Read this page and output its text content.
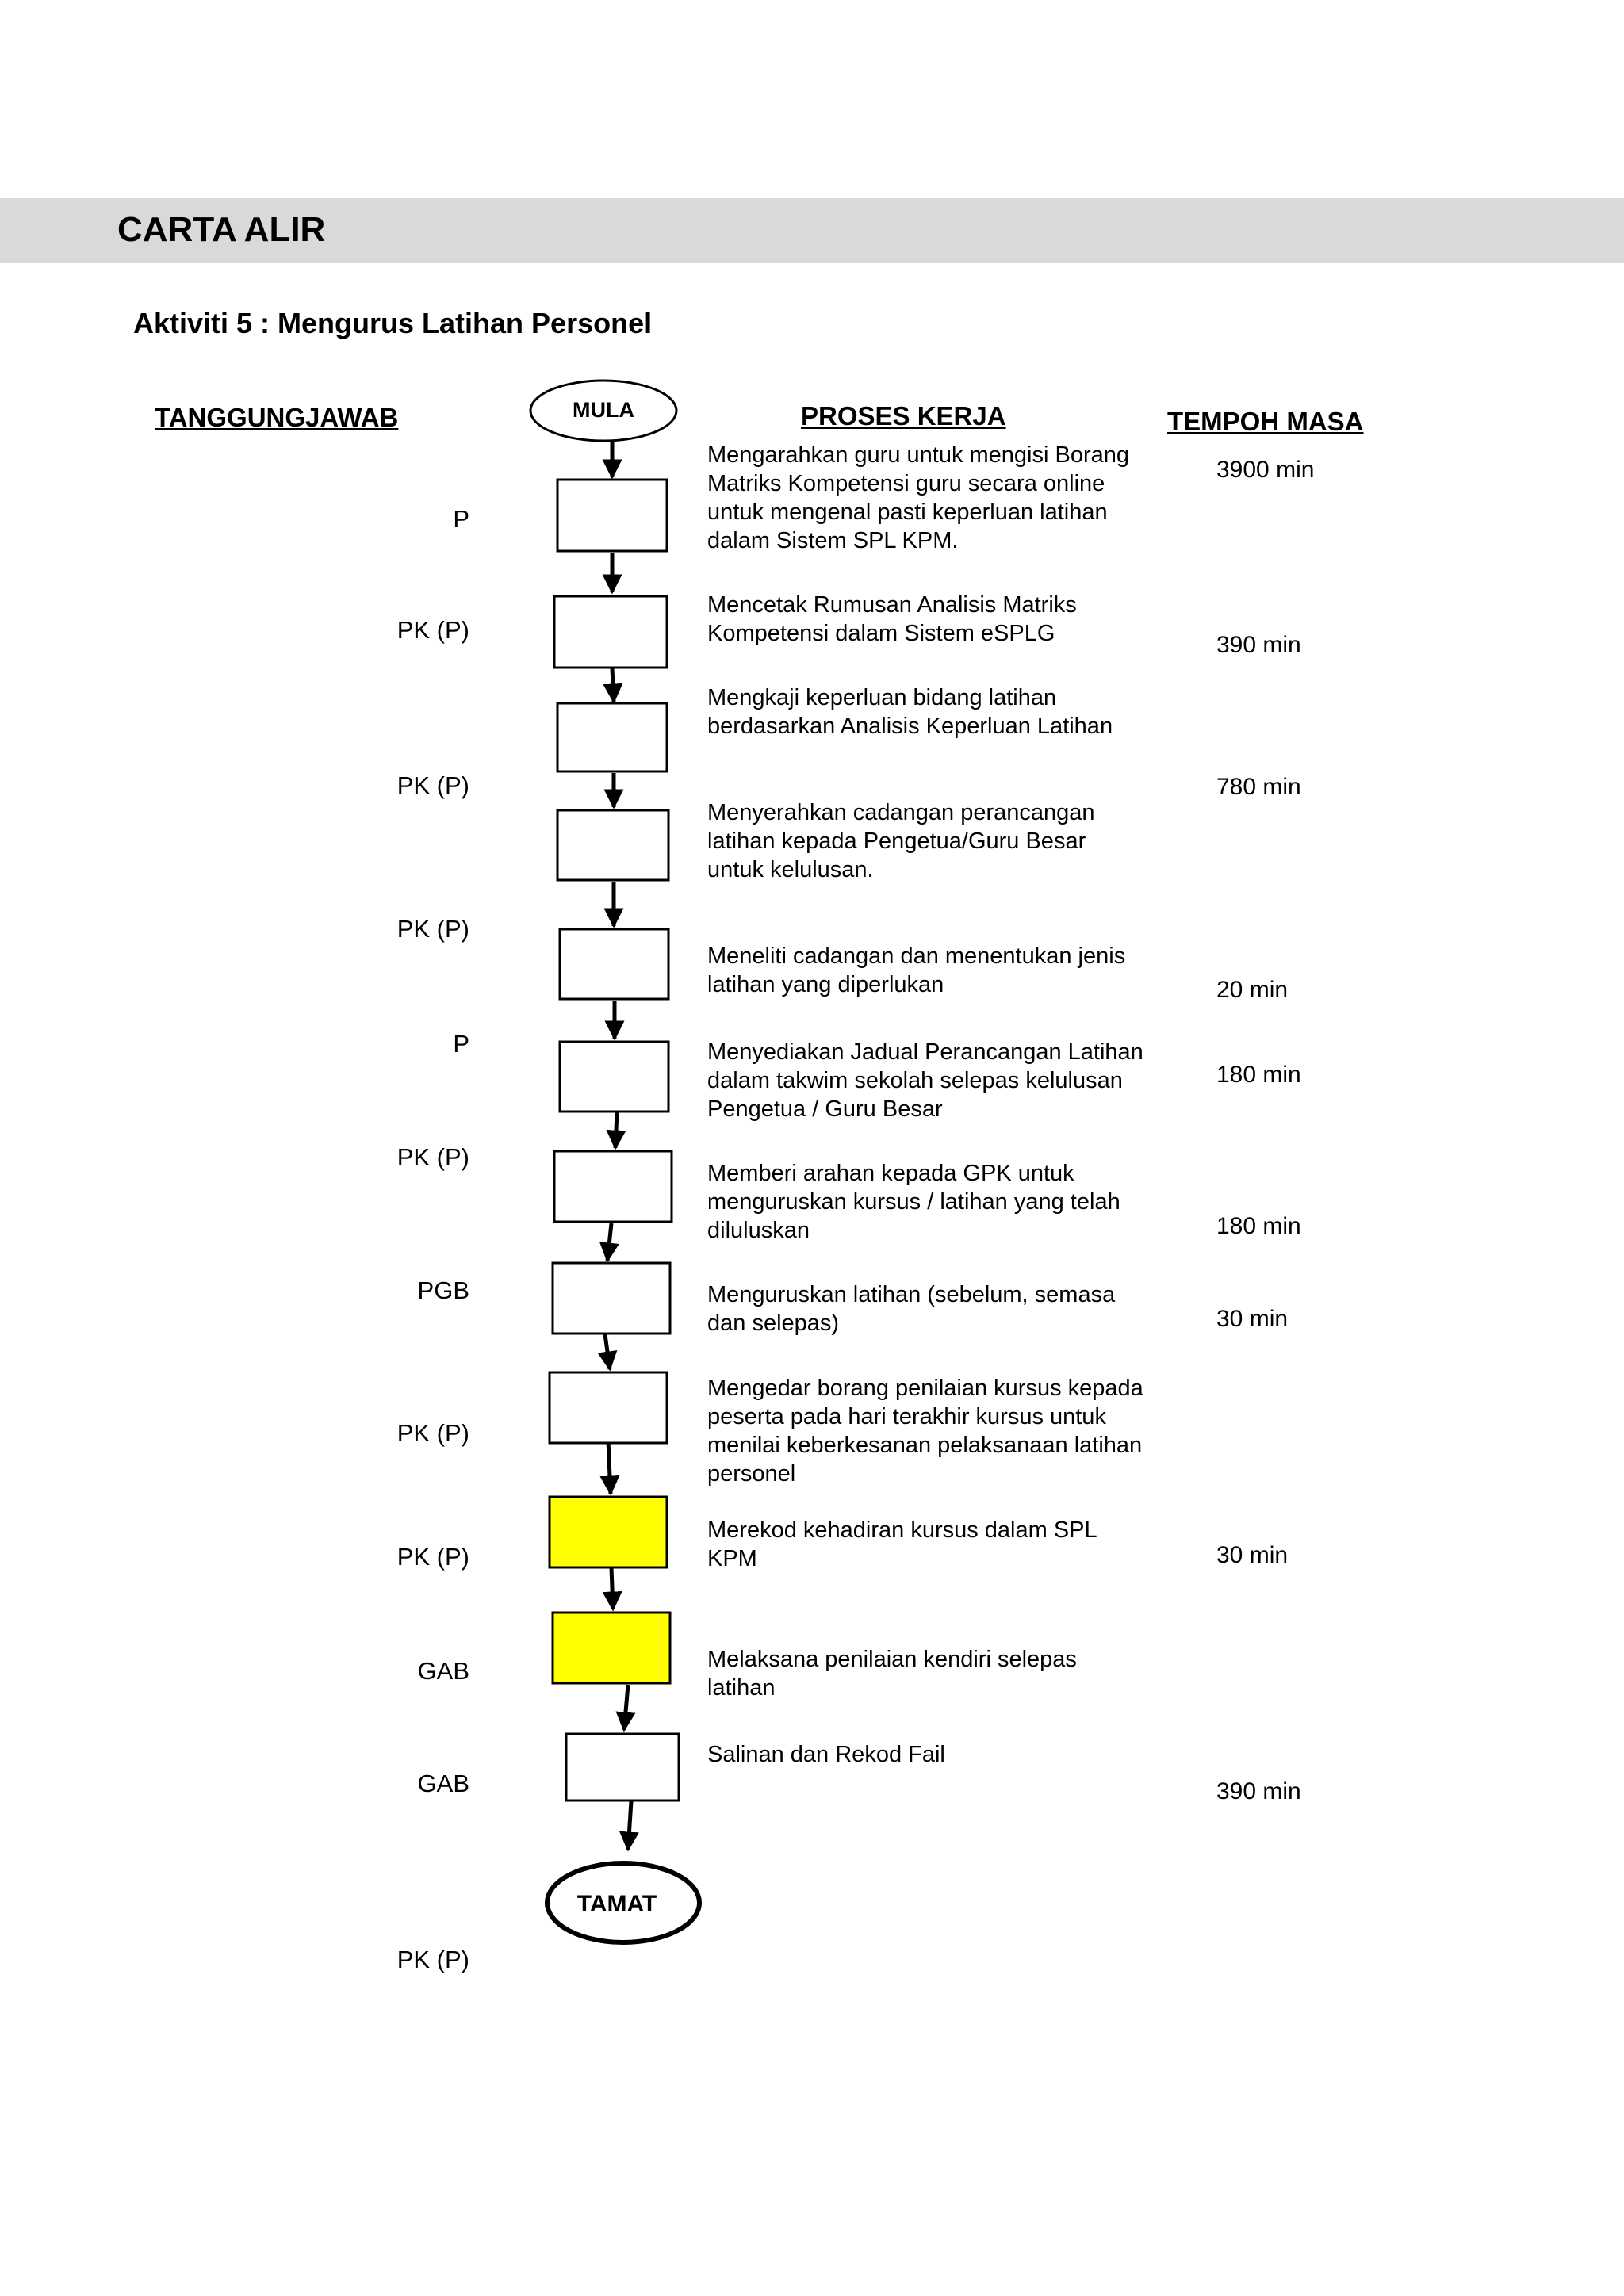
CARTA ALIR
Aktiviti 5 : Mengurus Latihan Personel
TANGGUNGJAWAB	PROSES KERJA	TEMPOH MASA
P
PK (P)
PK (P)
PK (P)
P
PK (P)
PGB
PK (P)
PK (P)
GAB
GAB
PK (P)
MULA
TAMAT
Mengarahkan guru untuk mengisi Borang
Matriks Kompetensi guru secara online
untuk mengenal pasti keperluan latihan
dalam Sistem SPL KPM.
Mencetak Rumusan Analisis Matriks
Kompetensi dalam Sistem eSPLG
Mengkaji keperluan bidang latihan
berdasarkan Analisis Keperluan Latihan
Menyerahkan cadangan perancangan
latihan kepada Pengetua/Guru Besar
untuk kelulusan.
Meneliti cadangan dan menentukan jenis
latihan yang diperlukan
Menyediakan Jadual Perancangan Latihan
dalam takwim sekolah selepas kelulusan
Pengetua / Guru Besar
Memberi arahan kepada GPK untuk
menguruskan kursus / latihan yang telah
diluluskan
Menguruskan latihan (sebelum, semasa
dan selepas)
Mengedar borang penilaian kursus kepada
peserta pada hari terakhir kursus untuk
menilai keberkesanan pelaksanaan latihan
personel
Merekod kehadiran kursus dalam SPL
KPM
Melaksana penilaian kendiri selepas
latihan
Salinan dan Rekod Fail
3900 min
390 min
780 min
20 min
180 min
180 min
30 min
30 min
390 min
